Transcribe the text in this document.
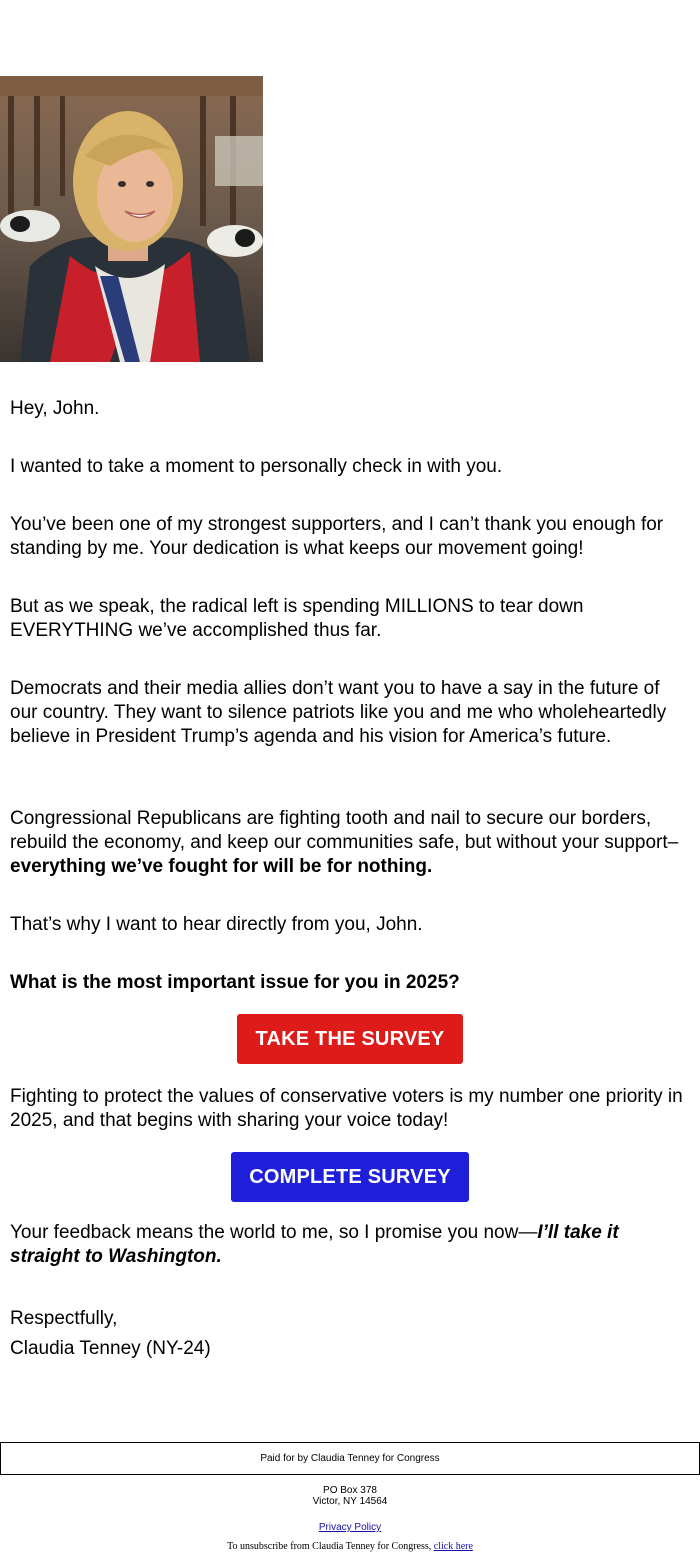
Hey, John.

I wanted to take a moment to personally check in with you.

You’ve been one of my strongest supporters, and I can’t thank you enough for standing by me. Your dedication is what keeps our movement going!

But as we speak, the radical left is spending MILLIONS to tear down EVERYTHING we’ve accomplished thus far.

Democrats and their media allies don’t want you to have a say in the future of our country. They want to silence patriots like you and me who wholeheartedly believe in President Trump’s agenda and his vision for America’s future.

Congressional Republicans are fighting tooth and nail to secure our borders, rebuild the economy, and keep our communities safe, but without your support– everything we’ve fought for will be for nothing.

That’s why I want to hear directly from you, John.

What is the most important issue for you in 2025?

TAKE THE SURVEY

Fighting to protect the values of conservative voters is my number one priority in 2025, and that begins with sharing your voice today!

COMPLETE SURVEY

Your feedback means the world to me, so I promise you now—I’ll take it straight to Washington.

Respectfully,

Claudia Tenney (NY-24)

Paid for by Claudia Tenney for Congress
PO Box 378
Victor, NY 14564
Privacy Policy
To unsubscribe from Claudia Tenney for Congress, click here
